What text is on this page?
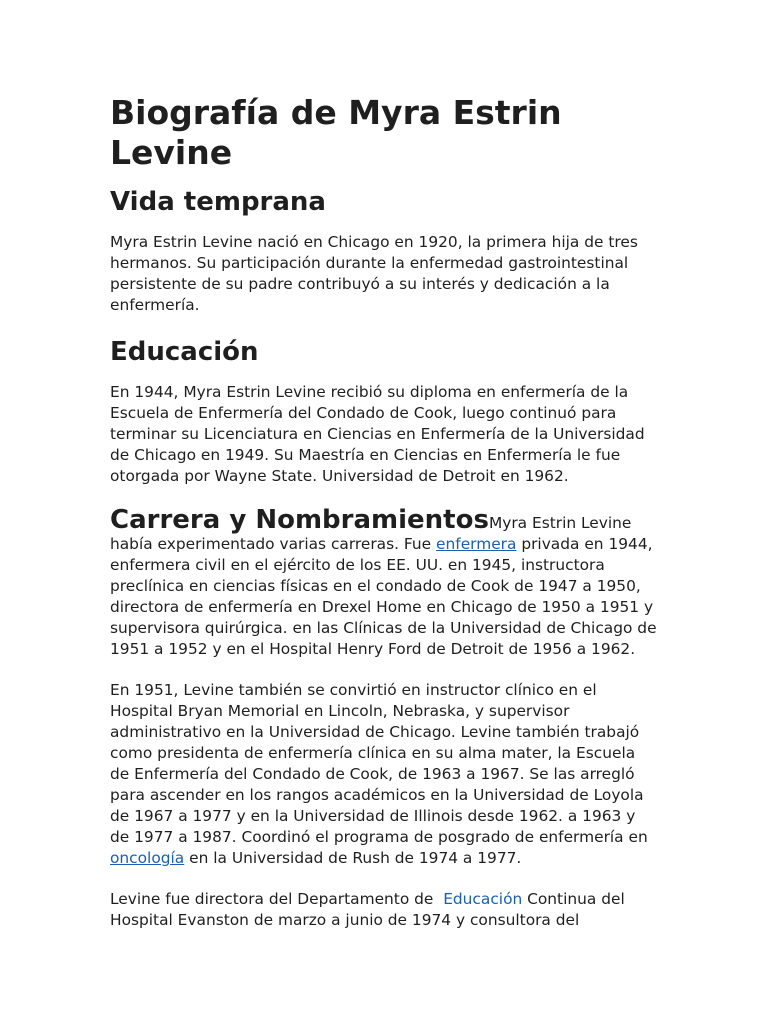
Biografía de Myra Estrin Levine
Vida temprana

Myra Estrin Levine nació en Chicago en 1920, la primera hija de tres hermanos. Su participación durante la enfermedad gastrointestinal persistente de su padre contribuyó a su interés y dedicación a la enfermería.

Educación

En 1944, Myra Estrin Levine recibió su diploma en enfermería de la Escuela de Enfermería del Condado de Cook, luego continuó para terminar su Licenciatura en Ciencias en Enfermería de la Universidad de Chicago en 1949. Su Maestría en Ciencias en Enfermería le fue otorgada por Wayne State. Universidad de Detroit en 1962.

Carrera y NombramientosMyra Estrin Levine había experimentado varias carreras. Fue enfermera privada en 1944, enfermera civil en el ejército de los EE. UU. en 1945, instructora preclínica en ciencias físicas en el condado de Cook de 1947 a 1950, directora de enfermería en Drexel Home en Chicago de 1950 a 1951 y supervisora quirúrgica. en las Clínicas de la Universidad de Chicago de 1951 a 1952 y en el Hospital Henry Ford de Detroit de 1956 a 1962.

En 1951, Levine también se convirtió en instructor clínico en el Hospital Bryan Memorial en Lincoln, Nebraska, y supervisor administrativo en la Universidad de Chicago. Levine también trabajó como presidenta de enfermería clínica en su alma mater, la Escuela de Enfermería del Condado de Cook, de 1963 a 1967. Se las arregló para ascender en los rangos académicos en la Universidad de Loyola de 1967 a 1977 y en la Universidad de Illinois desde 1962. a 1963 y de 1977 a 1987. Coordinó el programa de posgrado de enfermería en oncología en la Universidad de Rush de 1974 a 1977.

Levine fue directora del Departamento de  Educación Continua del Hospital Evanston de marzo a junio de 1974 y consultora del
